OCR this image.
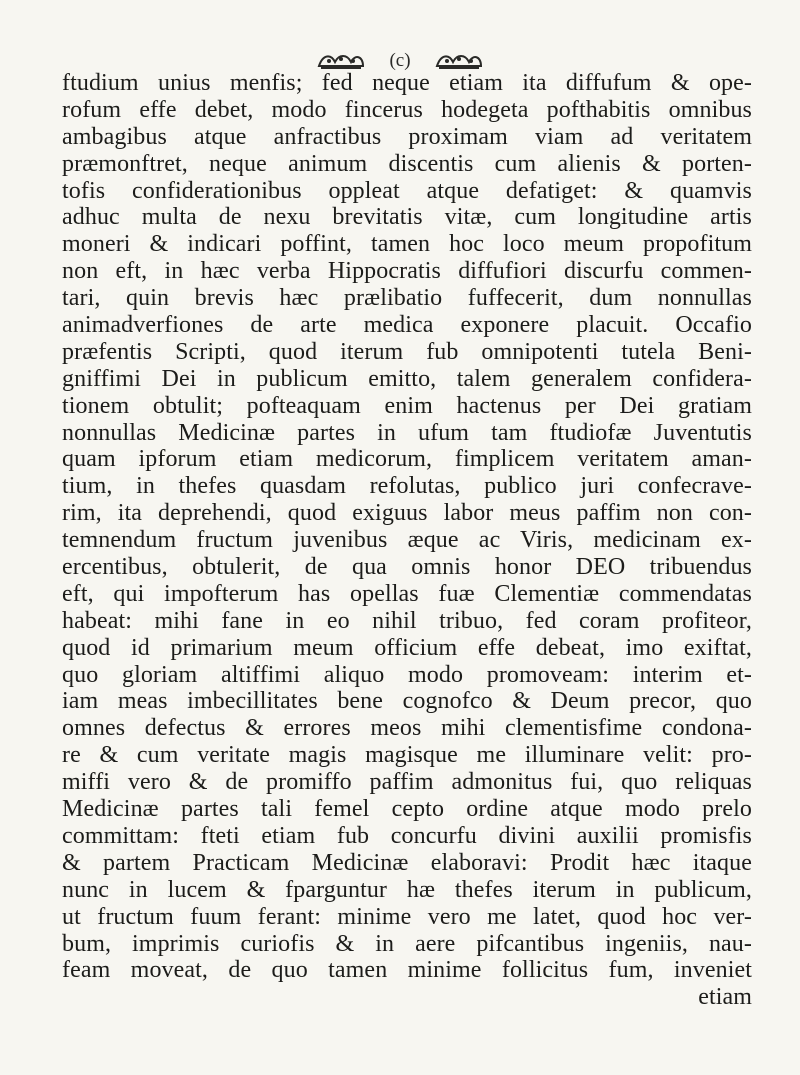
(c)
ftudium unius menfis; fed neque etiam ita diffufum & ope-
rofum effe debet, modo fincerus hodegeta pofthabitis omnibus
ambagibus atque anfractibus proximam viam ad veritatem
præmonftret, neque animum discentis cum alienis & porten-
tofis confiderationibus oppleat atque defatiget: & quamvis
adhuc multa de nexu brevitatis vitæ, cum longitudine artis
moneri & indicari poffint, tamen hoc loco meum propofitum
non eft, in hæc verba Hippocratis diffufiori discurfu commen-
tari, quin brevis hæc prælibatio fuffecerit, dum nonnullas
animadverfiones de arte medica exponere placuit. Occafio
præfentis Scripti, quod iterum fub omnipotenti tutela Beni-
gniffimi Dei in publicum emitto, talem generalem confidera-
tionem obtulit; pofteaquam enim hactenus per Dei gratiam
nonnullas Medicinæ partes in ufum tam ftudiofæ Juventutis
quam ipforum etiam medicorum, fimplicem veritatem aman-
tium, in thefes quasdam refolutas, publico juri confecrave-
rim, ita deprehendi, quod exiguus labor meus paffim non con-
temnendum fructum juvenibus æque ac Viris, medicinam ex-
ercentibus, obtulerit, de qua omnis honor DEO tribuendus
eft, qui impofterum has opellas fuæ Clementiæ commendatas
habeat: mihi fane in eo nihil tribuo, fed coram profiteor,
quod id primarium meum officium effe debeat, imo exiftat,
quo gloriam altiffimi aliquo modo promoveam: interim et-
iam meas imbecillitates bene cognofco & Deum precor, quo
omnes defectus & errores meos mihi clementisfime condona-
re & cum veritate magis magisque me illuminare velit: pro-
miffi vero & de promiffo paffim admonitus fui, quo reliquas
Medicinæ partes tali femel cepto ordine atque modo prelo
committam: fteti etiam fub concurfu divini auxilii promisfis
& partem Practicam Medicinæ elaboravi: Prodit hæc itaque
nunc in lucem & fparguntur hæ thefes iterum in publicum,
ut fructum fuum ferant: minime vero me latet, quod hoc ver-
bum, imprimis curiofis & in aere pifcantibus ingeniis, nau-
feam moveat, de quo tamen minime follicitus fum, inveniet
etiam
